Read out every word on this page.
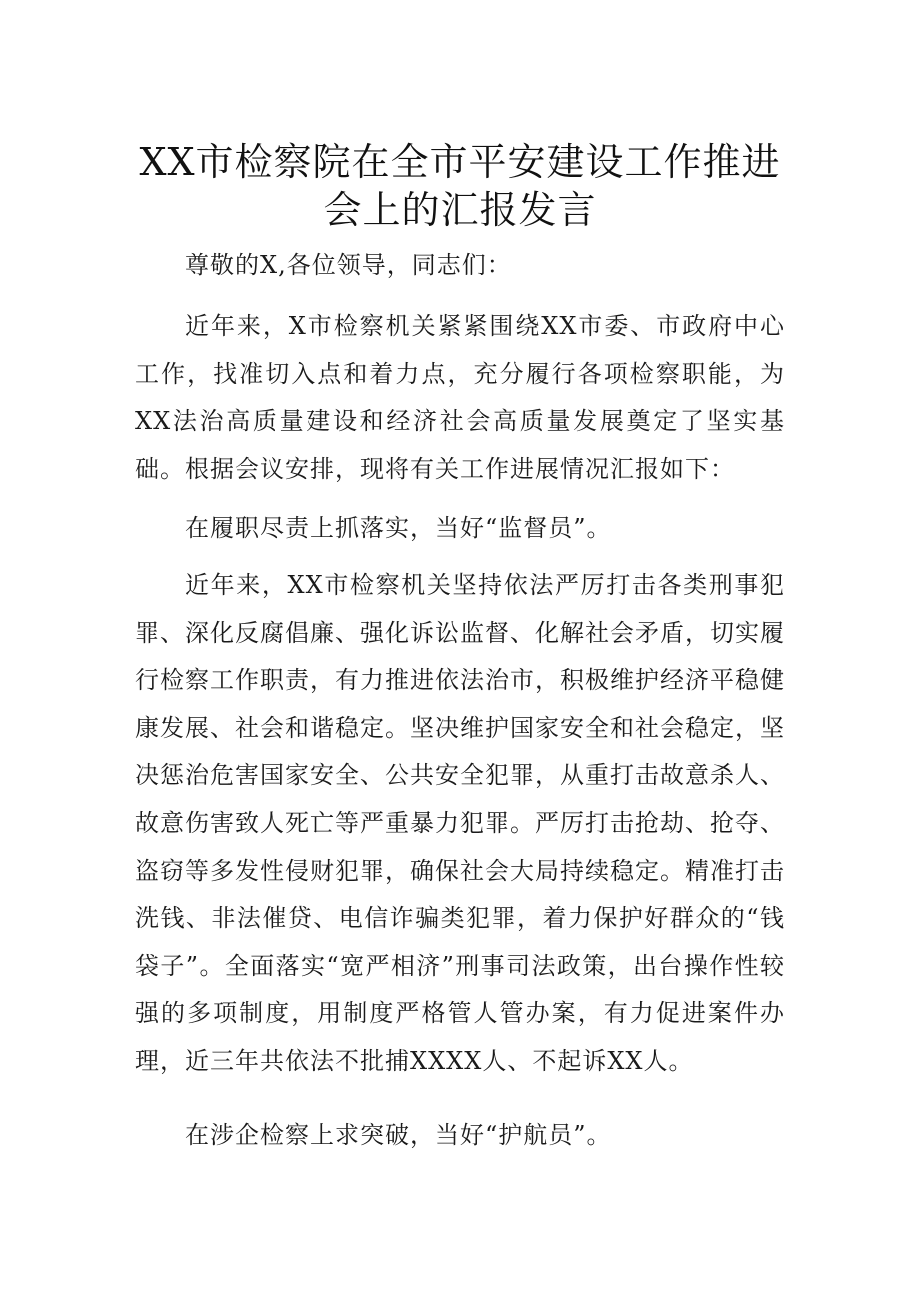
XX市检察院在全市平安建设工作推进
会上的汇报发言

尊敬的X,各位领导，同志们：

近年来，X市检察机关紧紧围绕XX市委、市政府中心工作，找准切入点和着力点，充分履行各项检察职能，为XX法治高质量建设和经济社会高质量发展奠定了坚实基础。根据会议安排，现将有关工作进展情况汇报如下：

在履职尽责上抓落实，当好“监督员”。

近年来，XX市检察机关坚持依法严厉打击各类刑事犯罪、深化反腐倡廉、强化诉讼监督、化解社会矛盾，切实履行检察工作职责，有力推进依法治市，积极维护经济平稳健康发展、社会和谐稳定。坚决维护国家安全和社会稳定，坚决惩治危害国家安全、公共安全犯罪，从重打击故意杀人、故意伤害致人死亡等严重暴力犯罪。严厉打击抢劫、抢夺、盗窃等多发性侵财犯罪，确保社会大局持续稳定。精准打击洗钱、非法催贷、电信诈骗类犯罪，着力保护好群众的“钱袋子”。全面落实“宽严相济”刑事司法政策，出台操作性较强的多项制度，用制度严格管人管办案，有力促进案件办理，近三年共依法不批捕XXXX人、不起诉XX人。

在涉企检察上求突破，当好“护航员”。
